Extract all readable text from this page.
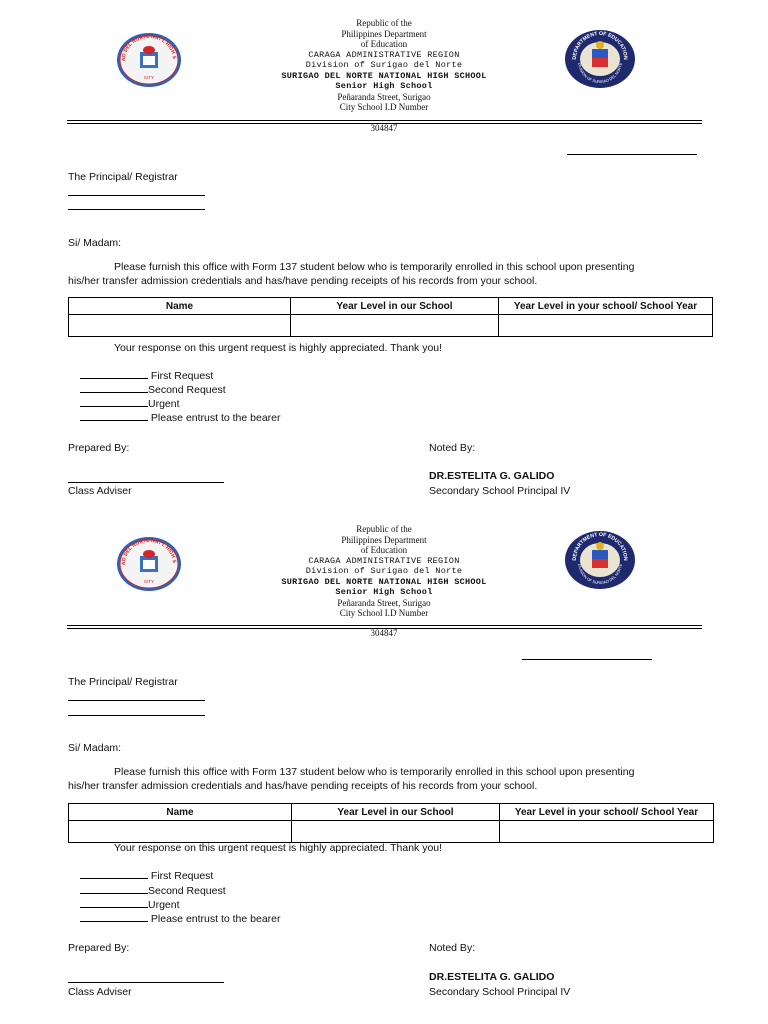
AO DEL NORTE NAT'L HIGH S
CITY
Republic of the
Philippines Department
of Education
CARAGA ADMINISTRATIVE REGION
Division of Surigao del Norte
SURIGAO DEL NORTE NATIONAL HIGH SCHOOL
Senior High School
Peñaranda Street, Surigao
City School I.D Number
DEPARTMENT OF EDUCATION
DIVISION OF SURIGAO DEL NORTE
304847
The Principal/ Registrar
Si/ Madam:
Please furnish this office with Form 137 student below who is temporarily enrolled in this school upon presenting
his/her transfer admission credentials and has/have pending receipts of his records from your school.
Name	Year Level in our School	Year Level in your school/ School Year

Your response on this urgent request is highly appreciated. Thank you!
First Request
Second Request
Urgent
Please entrust to the bearer
Prepared By:	Noted By:
DR.ESTELITA G. GALIDO
Class Adviser	Secondary School Principal IV
AO DEL NORTE NAT'L HIGH S
CITY
Republic of the
Philippines Department
of Education
CARAGA ADMINISTRATIVE REGION
Division of Surigao del Norte
SURIGAO DEL NORTE NATIONAL HIGH SCHOOL
Senior High School
Peñaranda Street, Surigao
City School I.D Number
DEPARTMENT OF EDUCATION
DIVISION OF SURIGAO DEL NORTE
304847
The Principal/ Registrar
Si/ Madam:
Please furnish this office with Form 137 student below who is temporarily enrolled in this school upon presenting
his/her transfer admission credentials and has/have pending receipts of his records from your school.
Name	Year Level in our School	Year Level in your school/ School Year

Your response on this urgent request is highly appreciated. Thank you!
First Request
Second Request
Urgent
Please entrust to the bearer
Prepared By:	Noted By:
DR.ESTELITA G. GALIDO
Class Adviser	Secondary School Principal IV
